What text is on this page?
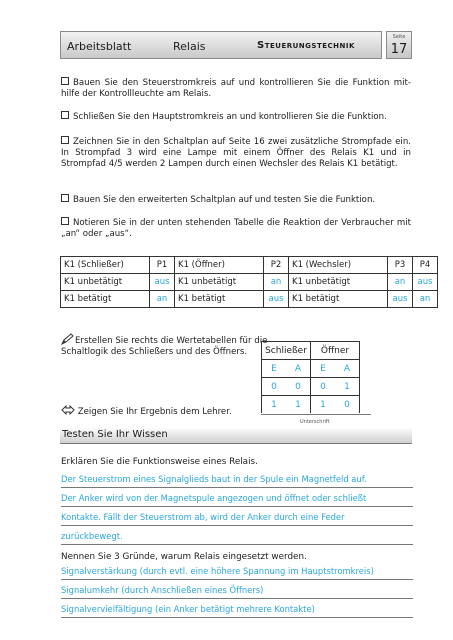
Arbeitsblatt	Relais	Steuerungstechnik
Seite
17
Bauen Sie den Steuerstromkreis auf und kontrollieren Sie die Funktion mit-hilfe der Kontrollleuchte am Relais.
Schließen Sie den Hauptstromkreis an und kontrollieren Sie die Funktion.
Zeichnen Sie in den Schaltplan auf Seite 16 zwei zusätzliche Strompfade ein. In Strompfad 3 wird eine Lampe mit einem Öffner des Relais K1 und in Strompfad 4/5 werden 2 Lampen durch einen Wechsler des Relais K1 betätigt.
Bauen Sie den erweiterten Schaltplan auf und testen Sie die Funktion.
Notieren Sie in der unten stehenden Tabelle die Reaktion der Verbraucher mit „an“ oder „aus“.
K1 (Schließer)	P1	K1 (Öffner)	P2	K1 (Wechsler)	P3	P4
K1 unbetätigt	aus	K1 unbetätigt	an	K1 unbetätigt	an	aus
K1 betätigt	an	K1 betätigt	aus	K1 betätigt	aus	an
Erstellen Sie rechts die Wertetabellen für die Schaltlogik des Schließers und des Öffners.
Zeigen Sie Ihr Ergebnis dem Lehrer.
Schließer		Öffner	
E	A	E	A
0	0	0	1
1	1	1	0
Unterschrift
Testen Sie Ihr Wissen
Erklären Sie die Funktionsweise eines Relais.
Der Steuerstrom eines Signalglieds baut in der Spule ein Magnetfeld auf.
Der Anker wird von der Magnetspule angezogen und öffnet oder schließt
Kontakte. Fällt der Steuerstrom ab, wird der Anker durch eine Feder
zurückbewegt.
Nennen Sie 3 Gründe, warum Relais eingesetzt werden.
Signalverstärkung (durch evtl. eine höhere Spannung im Hauptstromkreis)
Signalumkehr (durch Anschließen eines Öffners)
Signalvervielfältigung (ein Anker betätigt mehrere Kontakte)
